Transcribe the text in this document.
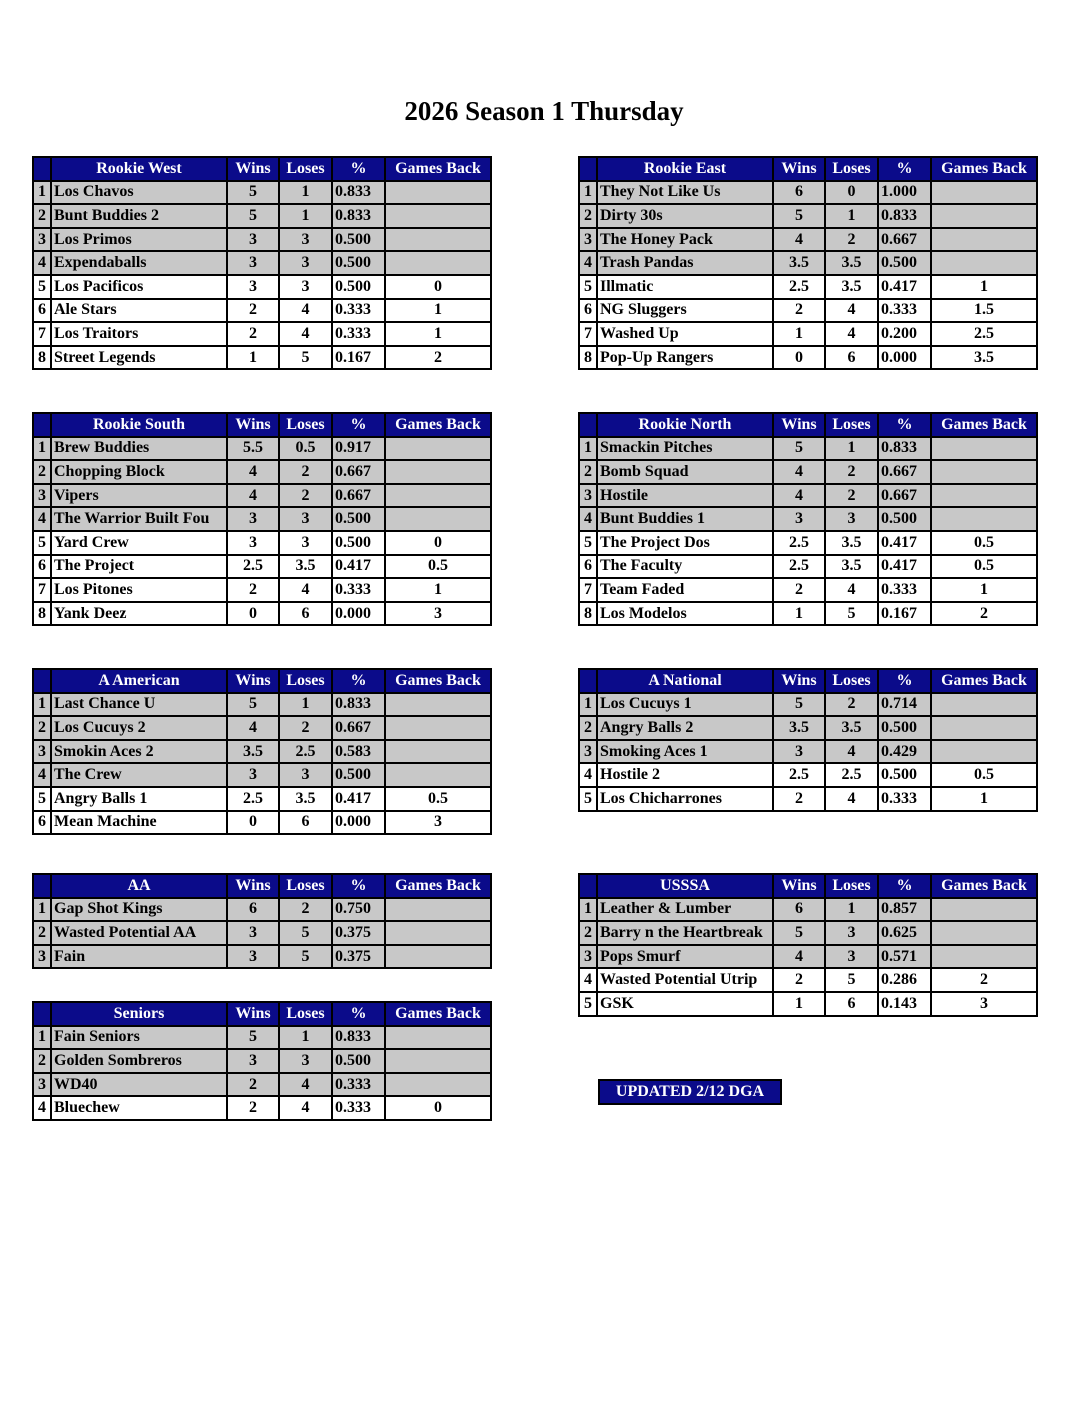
2026 Season 1 Thursday
	Rookie West	Wins	Loses	%	Games Back
1	Los Chavos	5	1	0.833	
2	Bunt Buddies 2	5	1	0.833	
3	Los Primos	3	3	0.500	
4	Expendaballs	3	3	0.500	
5	Los Pacificos	3	3	0.500	0
6	Ale Stars	2	4	0.333	1
7	Los Traitors	2	4	0.333	1
8	Street Legends	1	5	0.167	2
	Rookie East	Wins	Loses	%	Games Back
1	They Not Like Us	6	0	1.000	
2	Dirty 30s	5	1	0.833	
3	The Honey Pack	4	2	0.667	
4	Trash Pandas	3.5	3.5	0.500	
5	Illmatic	2.5	3.5	0.417	1
6	NG Sluggers	2	4	0.333	1.5
7	Washed Up	1	4	0.200	2.5
8	Pop-Up Rangers	0	6	0.000	3.5
	Rookie South	Wins	Loses	%	Games Back
1	Brew Buddies	5.5	0.5	0.917	
2	Chopping Block	4	2	0.667	
3	Vipers	4	2	0.667	
4	The Warrior Built Fou	3	3	0.500	
5	Yard Crew	3	3	0.500	0
6	The Project	2.5	3.5	0.417	0.5
7	Los Pitones	2	4	0.333	1
8	Yank Deez	0	6	0.000	3
	Rookie North	Wins	Loses	%	Games Back
1	Smackin Pitches	5	1	0.833	
2	Bomb Squad	4	2	0.667	
3	Hostile	4	2	0.667	
4	Bunt Buddies 1	3	3	0.500	
5	The Project Dos	2.5	3.5	0.417	0.5
6	The Faculty	2.5	3.5	0.417	0.5
7	Team Faded	2	4	0.333	1
8	Los Modelos	1	5	0.167	2
	A American	Wins	Loses	%	Games Back
1	Last Chance U	5	1	0.833	
2	Los Cucuys 2	4	2	0.667	
3	Smokin Aces 2	3.5	2.5	0.583	
4	The Crew	3	3	0.500	
5	Angry Balls 1	2.5	3.5	0.417	0.5
6	Mean Machine	0	6	0.000	3
	A National	Wins	Loses	%	Games Back
1	Los Cucuys 1	5	2	0.714	
2	Angry Balls 2	3.5	3.5	0.500	
3	Smoking Aces 1	3	4	0.429	
4	Hostile 2	2.5	2.5	0.500	0.5
5	Los Chicharrones	2	4	0.333	1
	AA	Wins	Loses	%	Games Back
1	Gap Shot Kings	6	2	0.750	
2	Wasted Potential AA	3	5	0.375	
3	Fain	3	5	0.375	
	USSSA	Wins	Loses	%	Games Back
1	Leather & Lumber	6	1	0.857	
2	Barry n the Heartbreak	5	3	0.625	
3	Pops Smurf	4	3	0.571	
4	Wasted Potential Utrip	2	5	0.286	2
5	GSK	1	6	0.143	3
	Seniors	Wins	Loses	%	Games Back
1	Fain Seniors	5	1	0.833	
2	Golden Sombreros	3	3	0.500	
3	WD40	2	4	0.333	
4	Bluechew	2	4	0.333	0
UPDATED 2/12 DGA
